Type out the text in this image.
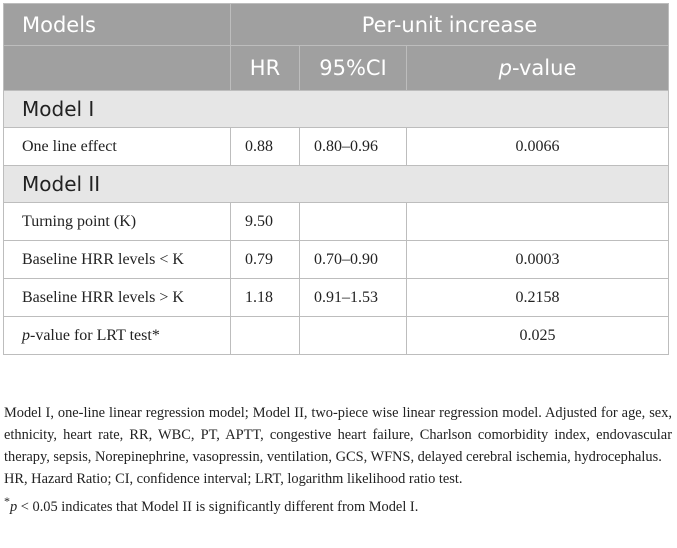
Models	Per-unit increase		
	HR	95%CI	p-value
Model I			
One line effect	0.88	0.80–0.96	0.0066
Model II			
Turning point (K)	9.50		
Baseline HRR levels < K	0.79	0.70–0.90	0.0003
Baseline HRR levels > K	1.18	0.91–1.53	0.2158
p-value for LRT test*			0.025

Model I, one-line linear regression model; Model II, two-piece wise linear regression model. Adjusted for age, sex, ethnicity, heart rate, RR, WBC, PT, APTT, congestive heart failure, Charlson comorbidity index, endovascular therapy, sepsis, Norepinephrine, vasopressin, ventilation, GCS, WFNS, delayed cerebral ischemia, hydrocephalus.

HR, Hazard Ratio; CI, confidence interval; LRT, logarithm likelihood ratio test.

*p < 0.05 indicates that Model II is significantly different from Model I.
